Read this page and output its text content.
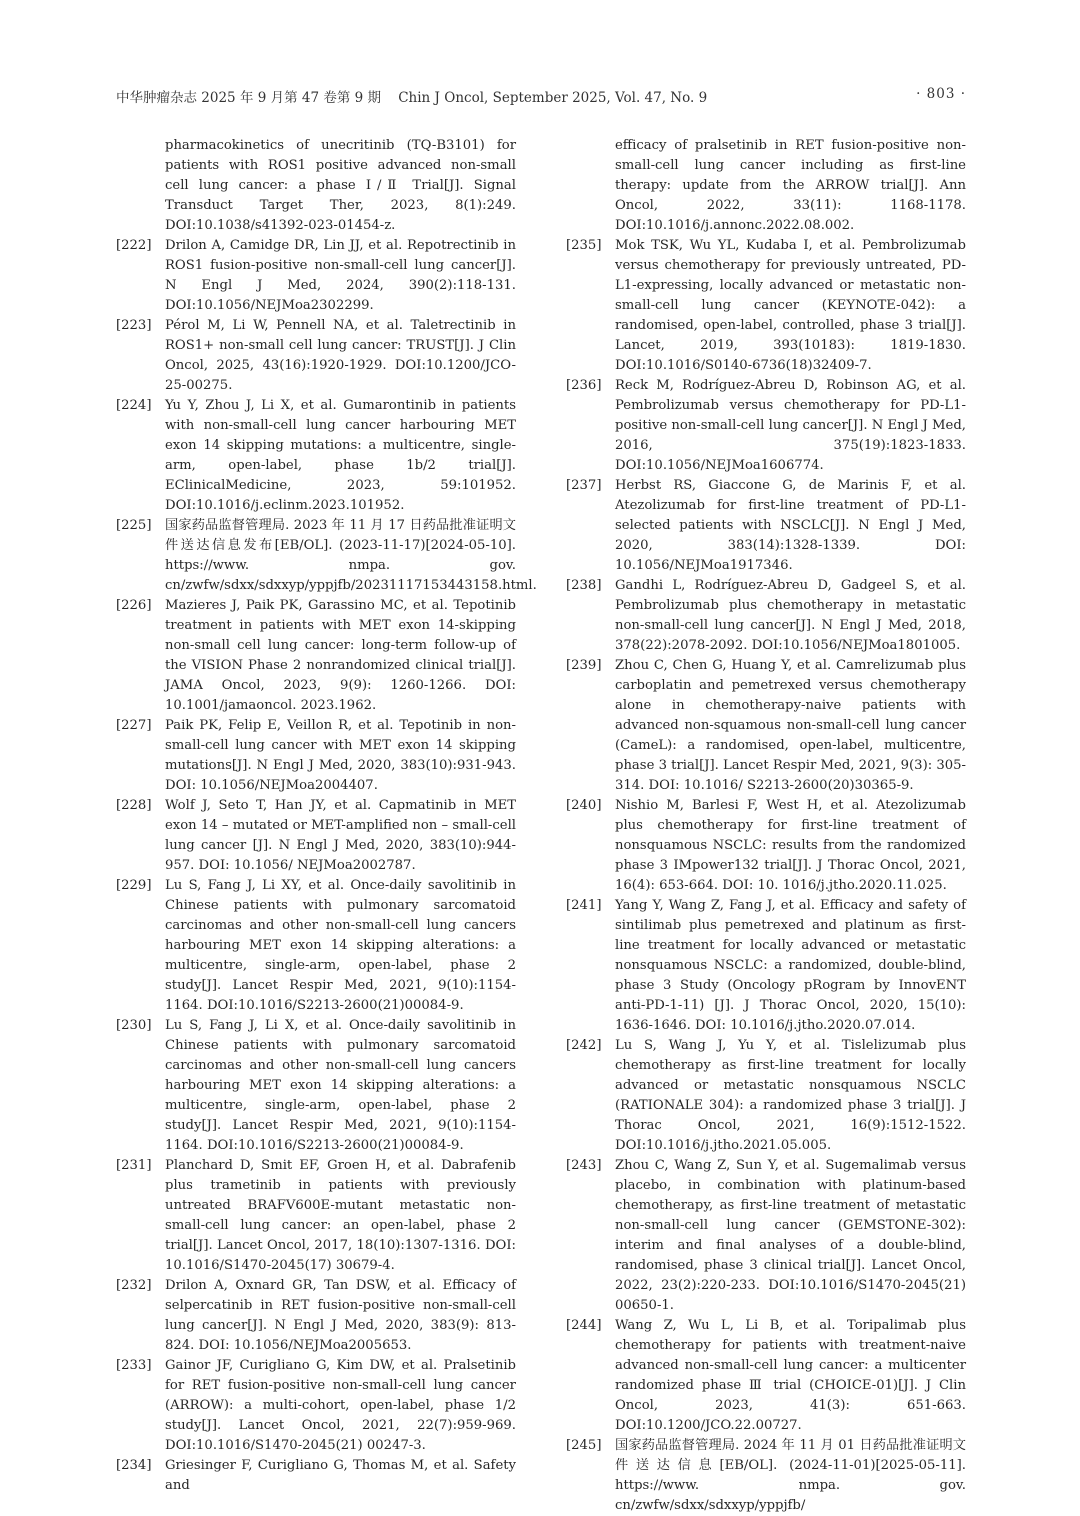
中华肿瘤杂志 2025 年 9 月第 47 卷第 9 期 Chin J Oncol, September 2025, Vol. 47, No. 9	· 803 ·
pharmacokinetics of unecritinib (TQ-B3101) for patients with ROS1 positive advanced non-small cell lung cancer: a phase Ⅰ/Ⅱ Trial[J]. Signal Transduct Target Ther, 2023, 8(1):249. DOI:10.1038/s41392-023-01454-z.
[222] Drilon A, Camidge DR, Lin JJ, et al. Repotrectinib in ROS1 fusion-positive non-small-cell lung cancer[J]. N Engl J Med, 2024, 390(2):118-131. DOI:10.1056/NEJMoa2302299.
[223] Pérol M, Li W, Pennell NA, et al. Taletrectinib in ROS1+ non-small cell lung cancer: TRUST[J]. J Clin Oncol, 2025, 43(16):1920-1929. DOI:10.1200/JCO-25-00275.
[224] Yu Y, Zhou J, Li X, et al. Gumarontinib in patients with non-small-cell lung cancer harbouring MET exon 14 skipping mutations: a multicentre, single-arm, open-label, phase 1b/2 trial[J]. EClinicalMedicine, 2023, 59:101952. DOI:10.1016/j.eclinm.2023.101952.
[225] 国家药品监督管理局. 2023 年 11 月 17 日药品批准证明文件送达信息发布[EB/OL]. (2023-11-17)[2024-05-10]. https://www. nmpa. gov. cn/zwfw/sdxx/sdxxyp/yppjfb/20231117153443158.html.
[226] Mazieres J, Paik PK, Garassino MC, et al. Tepotinib treatment in patients with MET exon 14-skipping non-small cell lung cancer: long-term follow-up of the VISION Phase 2 nonrandomized clinical trial[J]. JAMA Oncol, 2023, 9(9): 1260-1266. DOI: 10.1001/jamaoncol. 2023.1962.
[227] Paik PK, Felip E, Veillon R, et al. Tepotinib in non-small-cell lung cancer with MET exon 14 skipping mutations[J]. N Engl J Med, 2020, 383(10):931-943. DOI: 10.1056/NEJMoa2004407.
[228] Wolf J, Seto T, Han JY, et al. Capmatinib in MET exon 14 – mutated or MET-amplified non – small-cell lung cancer [J]. N Engl J Med, 2020, 383(10):944-957. DOI: 10.1056/ NEJMoa2002787.
[229] Lu S, Fang J, Li XY, et al. Once-daily savolitinib in Chinese patients with pulmonary sarcomatoid carcinomas and other non-small-cell lung cancers harbouring MET exon 14 skipping alterations: a multicentre, single-arm, open-label, phase 2 study[J]. Lancet Respir Med, 2021, 9(10):1154-1164. DOI:10.1016/S2213-2600(21)00084-9.
[230] Lu S, Fang J, Li X, et al. Once-daily savolitinib in Chinese patients with pulmonary sarcomatoid carcinomas and other non-small-cell lung cancers harbouring MET exon 14 skipping alterations: a multicentre, single-arm, open-label, phase 2 study[J]. Lancet Respir Med, 2021, 9(10):1154-1164. DOI:10.1016/S2213-2600(21)00084-9.
[231] Planchard D, Smit EF, Groen H, et al. Dabrafenib plus trametinib in patients with previously untreated BRAFV600E-mutant metastatic non-small-cell lung cancer: an open-label, phase 2 trial[J]. Lancet Oncol, 2017, 18(10):1307-1316. DOI: 10.1016/S1470-2045(17) 30679-4.
[232] Drilon A, Oxnard GR, Tan DSW, et al. Efficacy of selpercatinib in RET fusion-positive non-small-cell lung cancer[J]. N Engl J Med, 2020, 383(9): 813-824. DOI: 10.1056/NEJMoa2005653.
[233] Gainor JF, Curigliano G, Kim DW, et al. Pralsetinib for RET fusion-positive non-small-cell lung cancer (ARROW): a multi-cohort, open-label, phase 1/2 study[J]. Lancet Oncol, 2021, 22(7):959-969. DOI:10.1016/S1470-2045(21) 00247-3.
[234] Griesinger F, Curigliano G, Thomas M, et al. Safety and
efficacy of pralsetinib in RET fusion-positive non-small-cell lung cancer including as first-line therapy: update from the ARROW trial[J]. Ann Oncol, 2022, 33(11): 1168-1178. DOI:10.1016/j.annonc.2022.08.002.
[235] Mok TSK, Wu YL, Kudaba I, et al. Pembrolizumab versus chemotherapy for previously untreated, PD-L1-expressing, locally advanced or metastatic non-small-cell lung cancer (KEYNOTE-042): a randomised, open-label, controlled, phase 3 trial[J]. Lancet, 2019, 393(10183): 1819-1830. DOI:10.1016/S0140-6736(18)32409-7.
[236] Reck M, Rodríguez-Abreu D, Robinson AG, et al. Pembrolizumab versus chemotherapy for PD-L1-positive non-small-cell lung cancer[J]. N Engl J Med, 2016, 375(19):1823-1833. DOI:10.1056/NEJMoa1606774.
[237] Herbst RS, Giaccone G, de Marinis F, et al. Atezolizumab for first-line treatment of PD-L1-selected patients with NSCLC[J]. N Engl J Med, 2020, 383(14):1328-1339. DOI: 10.1056/NEJMoa1917346.
[238] Gandhi L, Rodríguez-Abreu D, Gadgeel S, et al. Pembrolizumab plus chemotherapy in metastatic non-small-cell lung cancer[J]. N Engl J Med, 2018, 378(22):2078-2092. DOI:10.1056/NEJMoa1801005.
[239] Zhou C, Chen G, Huang Y, et al. Camrelizumab plus carboplatin and pemetrexed versus chemotherapy alone in chemotherapy-naive patients with advanced non-squamous non-small-cell lung cancer (CameL): a randomised, open-label, multicentre, phase 3 trial[J]. Lancet Respir Med, 2021, 9(3): 305-314. DOI: 10.1016/ S2213-2600(20)30365-9.
[240] Nishio M, Barlesi F, West H, et al. Atezolizumab plus chemotherapy for first-line treatment of nonsquamous NSCLC: results from the randomized phase 3 IMpower132 trial[J]. J Thorac Oncol, 2021, 16(4): 653-664. DOI: 10. 1016/j.jtho.2020.11.025.
[241] Yang Y, Wang Z, Fang J, et al. Efficacy and safety of sintilimab plus pemetrexed and platinum as first-line treatment for locally advanced or metastatic nonsquamous NSCLC: a randomized, double-blind, phase 3 Study (Oncology pRogram by InnovENT anti-PD-1-11) [J]. J Thorac Oncol, 2020, 15(10): 1636-1646. DOI: 10.1016/j.jtho.2020.07.014.
[242] Lu S, Wang J, Yu Y, et al. Tislelizumab plus chemotherapy as first-line treatment for locally advanced or metastatic nonsquamous NSCLC (RATIONALE 304): a randomized phase 3 trial[J]. J Thorac Oncol, 2021, 16(9):1512-1522. DOI:10.1016/j.jtho.2021.05.005.
[243] Zhou C, Wang Z, Sun Y, et al. Sugemalimab versus placebo, in combination with platinum-based chemotherapy, as first-line treatment of metastatic non-small-cell lung cancer (GEMSTONE-302): interim and final analyses of a double-blind, randomised, phase 3 clinical trial[J]. Lancet Oncol, 2022, 23(2):220-233. DOI:10.1016/S1470-2045(21) 00650-1.
[244] Wang Z, Wu L, Li B, et al. Toripalimab plus chemotherapy for patients with treatment-naive advanced non-small-cell lung cancer: a multicenter randomized phase Ⅲ trial (CHOICE-01)[J]. J Clin Oncol, 2023, 41(3): 651-663. DOI:10.1200/JCO.22.00727.
[245] 国家药品监督管理局. 2024 年 11 月 01 日药品批准证明文件送达信息[EB/OL]. (2024-11-01)[2025-05-11]. https://www. nmpa. gov. cn/zwfw/sdxx/sdxxyp/yppjfb/
